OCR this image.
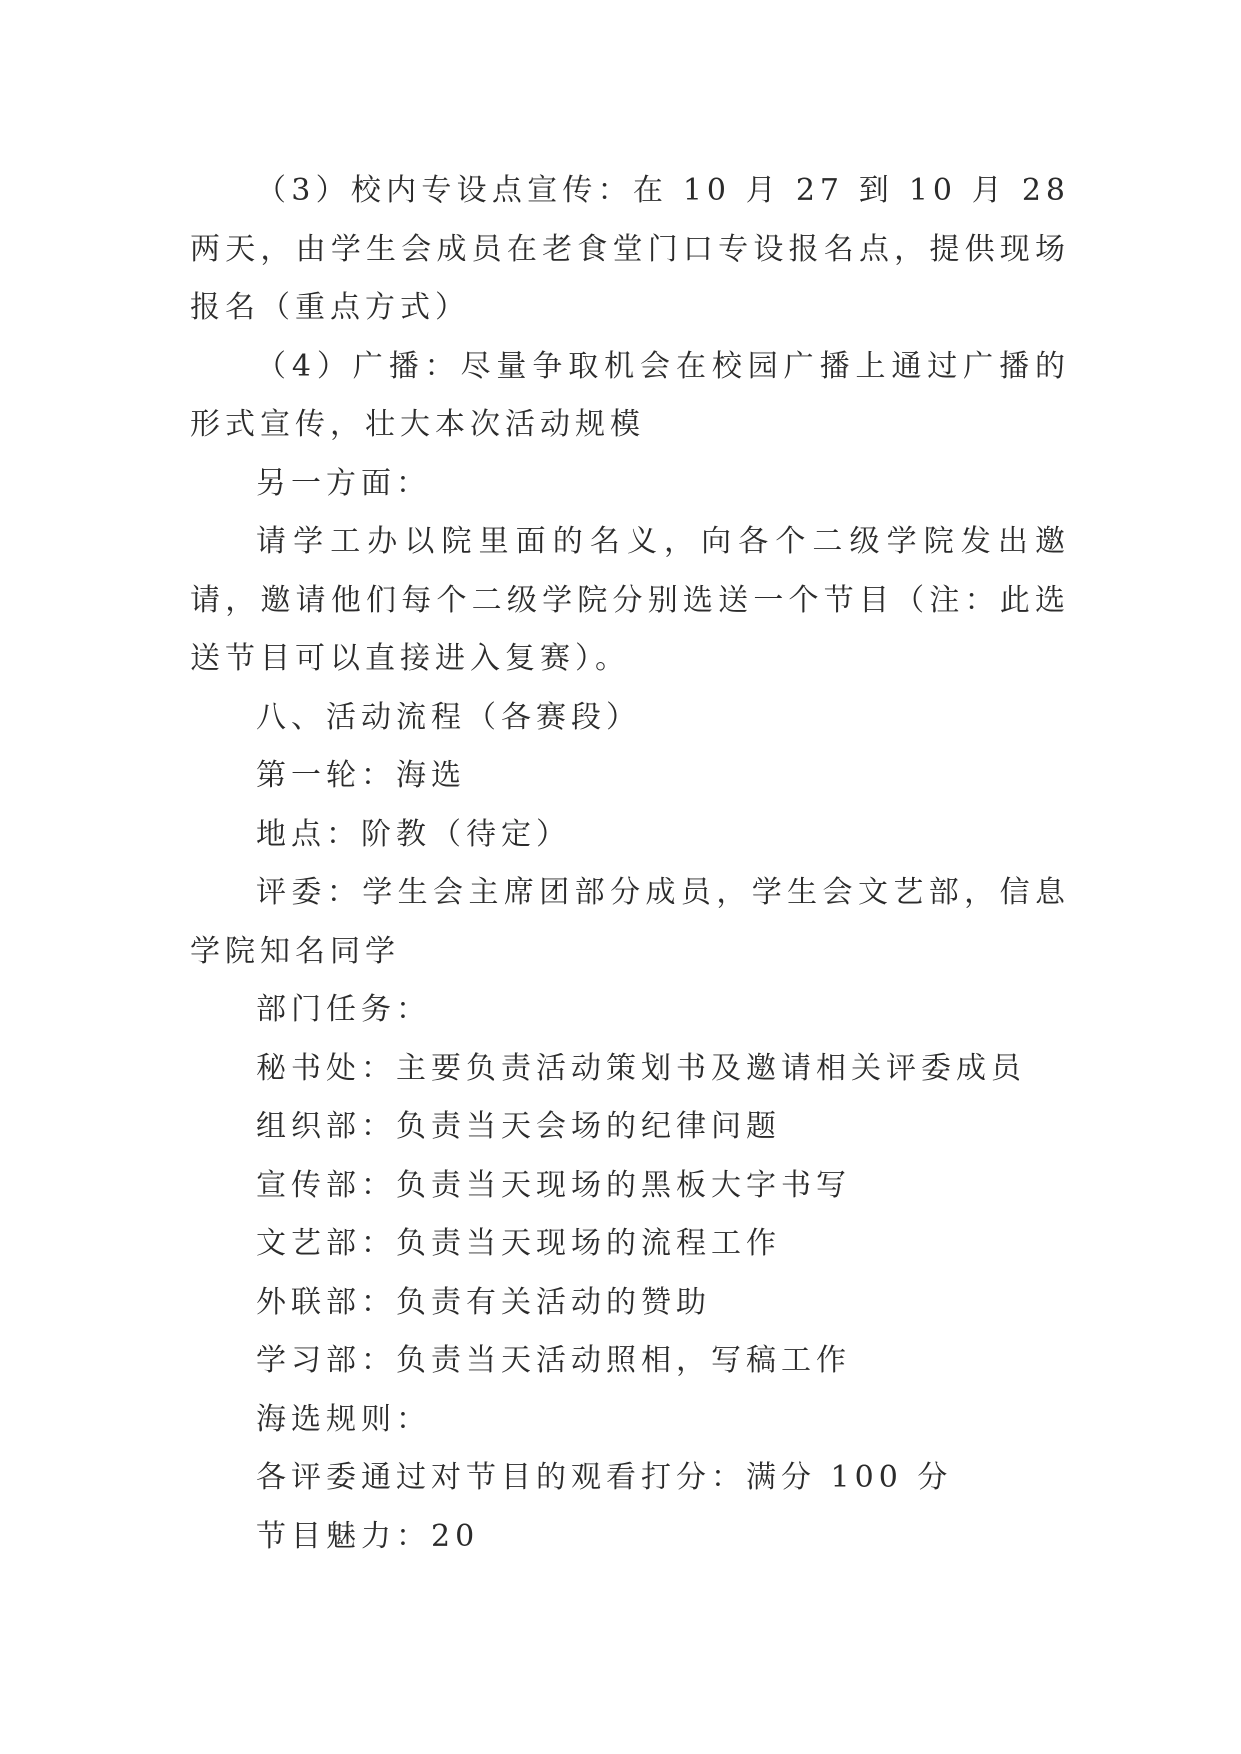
（3）校内专设点宣传：在 10 月 27 到 10 月 28 两天，由学生会成员在老食堂门口专设报名点，提供现场报名（重点方式）

（4）广播：尽量争取机会在校园广播上通过广播的形式宣传，壮大本次活动规模

另一方面：

请学工办以院里面的名义，向各个二级学院发出邀请，邀请他们每个二级学院分别选送一个节目（注：此选送节目可以直接进入复赛）。

八、活动流程（各赛段）

第一轮：海选

地点：阶教（待定）

评委：学生会主席团部分成员，学生会文艺部，信息学院知名同学

部门任务：

秘书处：主要负责活动策划书及邀请相关评委成员

组织部：负责当天会场的纪律问题

宣传部：负责当天现场的黑板大字书写

文艺部：负责当天现场的流程工作

外联部：负责有关活动的赞助

学习部：负责当天活动照相，写稿工作

海选规则：

各评委通过对节目的观看打分：满分 100 分

节目魅力：20
